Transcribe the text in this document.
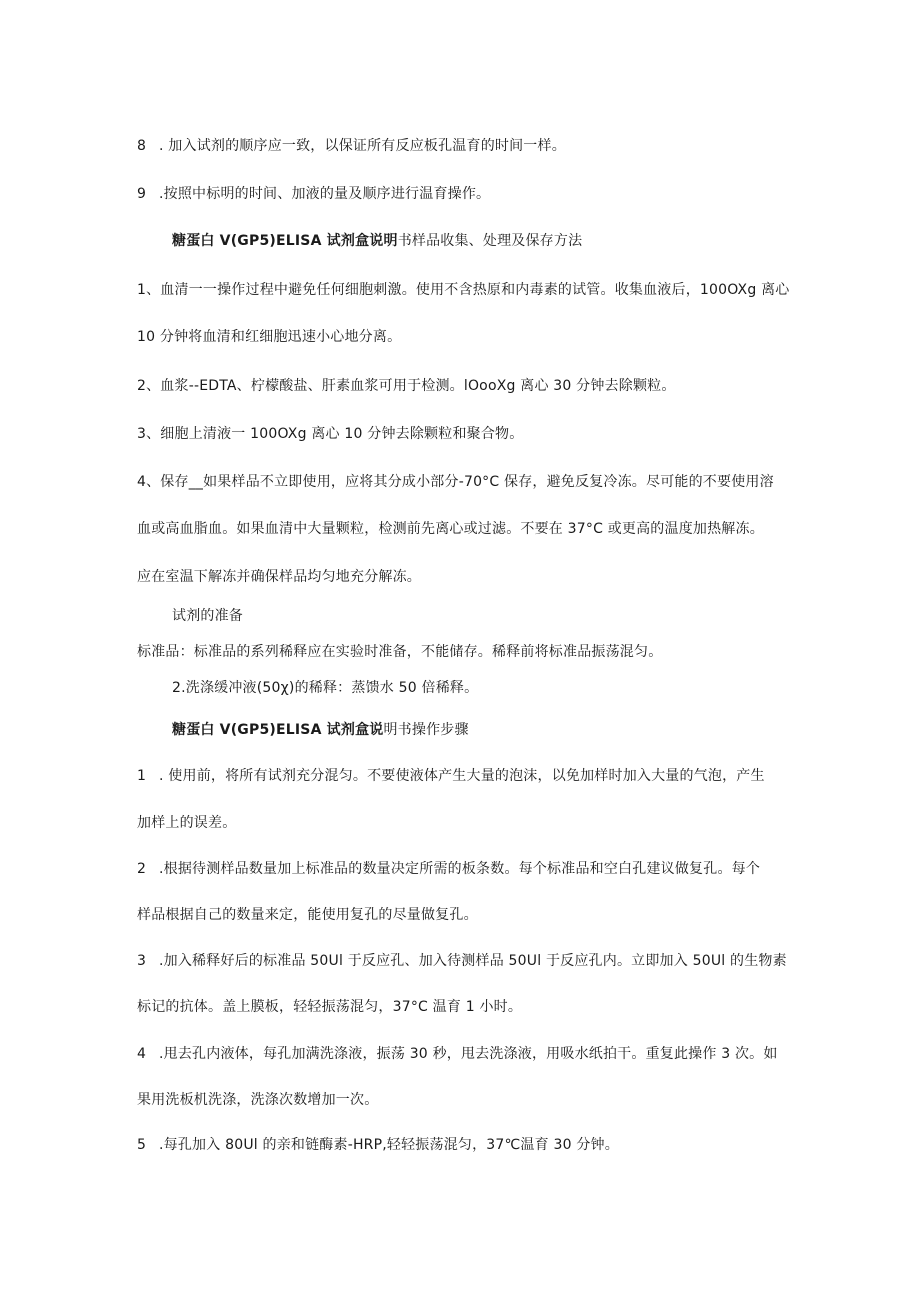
8 . 加入试剂的顺序应一致，以保证所有反应板孔温育的时间一样。
9 .按照中标明的时间、加液的量及顺序进行温育操作。
糖蛋白 V(GP5)ELISA 试剂盒说明书样品收集、处理及保存方法
1、血清一一操作过程中避免任何细胞刺激。使用不含热原和内毒素的试管。收集血液后，100OXg 离心
10 分钟将血清和红细胞迅速小心地分离。
2、血浆--EDTA、柠檬酸盐、肝素血浆可用于检测。lOooXg 离心 30 分钟去除颗粒。
3、细胞上清液一 100OXg 离心 10 分钟去除颗粒和聚合物。
4、保存__如果样品不立即使用，应将其分成小部分-70°C 保存，避免反复冷冻。尽可能的不要使用溶
血或高血脂血。如果血清中大量颗粒，检测前先离心或过滤。不要在 37°C 或更高的温度加热解冻。
应在室温下解冻并确保样品均匀地充分解冻。
试剂的准备
标准品：标准品的系列稀释应在实验时准备，不能储存。稀释前将标准品振荡混匀。
2.洗涤缓冲液(50χ)的稀释：蒸馈水 50 倍稀释。
糖蛋白 V(GP5)ELISA 试剂盒说明书操作步骤
1 . 使用前，将所有试剂充分混匀。不要使液体产生大量的泡沫，以免加样时加入大量的气泡，产生
加样上的误差。
2 .根据待测样品数量加上标准品的数量决定所需的板条数。每个标准品和空白孔建议做复孔。每个
样品根据自己的数量来定，能使用复孔的尽量做复孔。
3 .加入稀释好后的标准品 50Ul 于反应孔、加入待测样品 50Ul 于反应孔内。立即加入 50Ul 的生物素
标记的抗体。盖上膜板，轻轻振荡混匀，37°C 温育 1 小时。
4 .甩去孔内液体，每孔加满洗涤液，振荡 30 秒，甩去洗涤液，用吸水纸拍干。重复此操作 3 次。如
果用洗板机洗涤，洗涤次数增加一次。
5 .每孔加入 80Ul 的亲和链酶素-HRP,轻轻振荡混匀，37℃温育 30 分钟。
